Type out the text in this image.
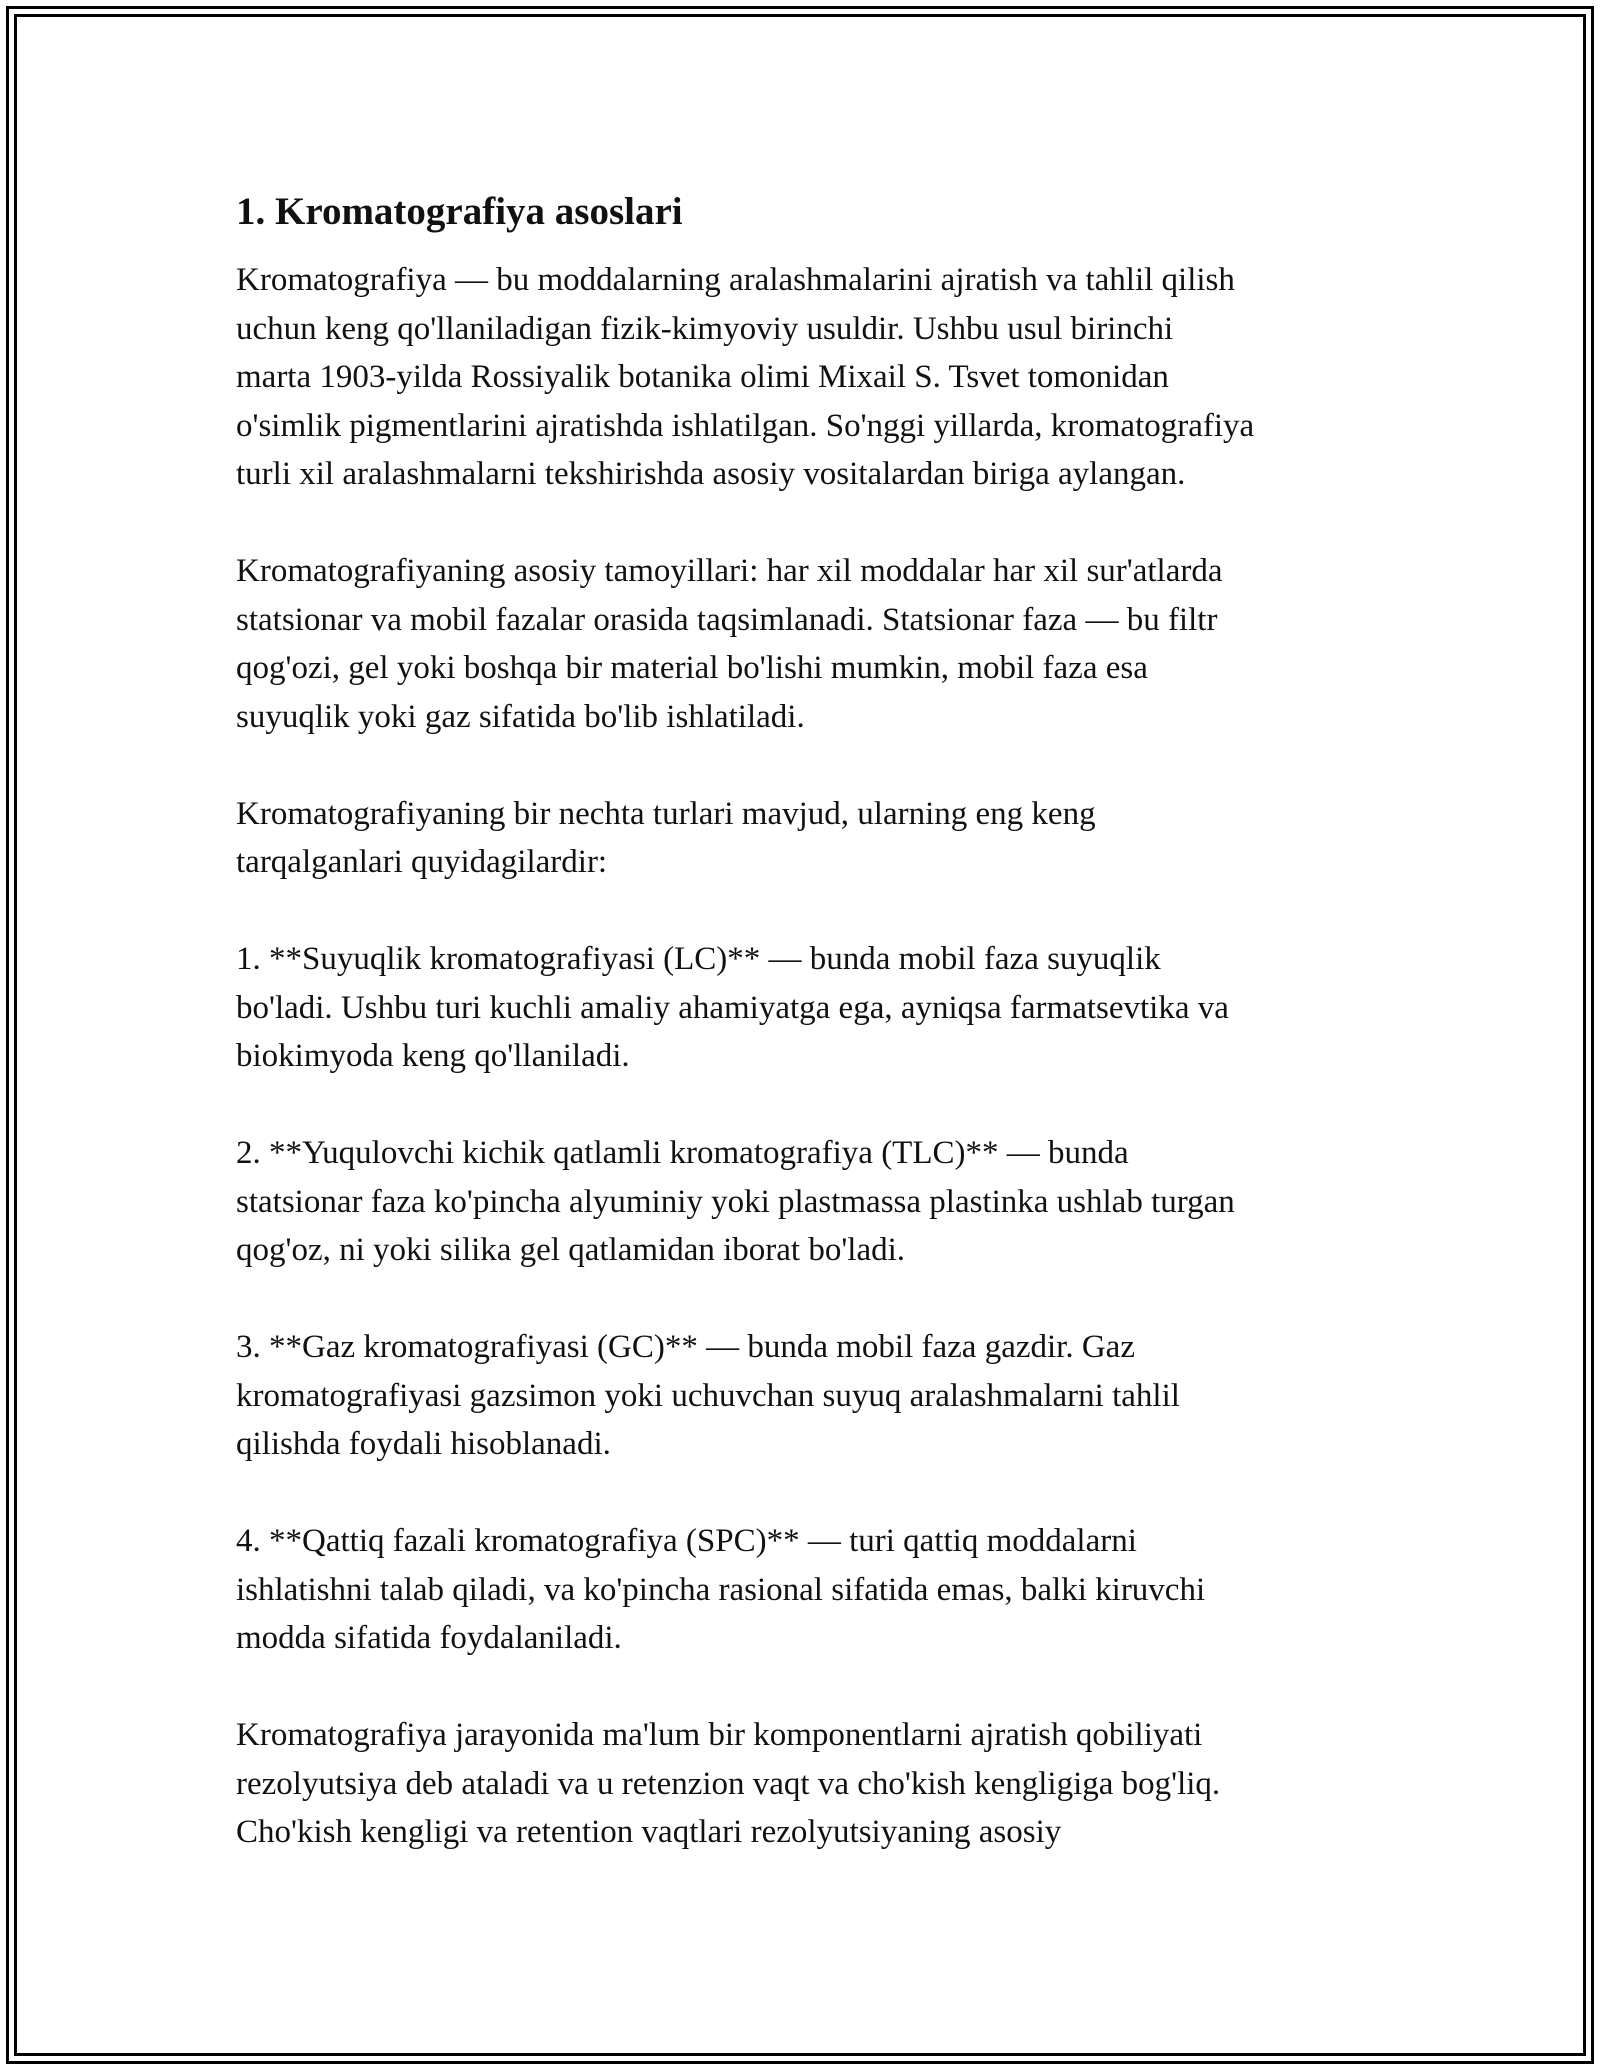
1. Kromatografiya asoslari

Kromatografiya — bu moddalarning aralashmalarini ajratish va tahlil qilish
uchun keng qo'llaniladigan fizik-kimyoviy usuldir. Ushbu usul birinchi
marta 1903-yilda Rossiyalik botanika olimi Mixail S. Tsvet tomonidan
o'simlik pigmentlarini ajratishda ishlatilgan. So'nggi yillarda, kromatografiya
turli xil aralashmalarni tekshirishda asosiy vositalardan biriga aylangan.

Kromatografiyaning asosiy tamoyillari: har xil moddalar har xil sur'atlarda
statsionar va mobil fazalar orasida taqsimlanadi. Statsionar faza — bu filtr
qog'ozi, gel yoki boshqa bir material bo'lishi mumkin, mobil faza esa
suyuqlik yoki gaz sifatida bo'lib ishlatiladi.

Kromatografiyaning bir nechta turlari mavjud, ularning eng keng
tarqalganlari quyidagilardir:

1. **Suyuqlik kromatografiyasi (LC)** — bunda mobil faza suyuqlik
bo'ladi. Ushbu turi kuchli amaliy ahamiyatga ega, ayniqsa farmatsevtika va
biokimyoda keng qo'llaniladi.

2. **Yuqulovchi kichik qatlamli kromatografiya (TLC)** — bunda
statsionar faza ko'pincha alyuminiy yoki plastmassa plastinka ushlab turgan
qog'oz, ni yoki silika gel qatlamidan iborat bo'ladi.

3. **Gaz kromatografiyasi (GC)** — bunda mobil faza gazdir. Gaz
kromatografiyasi gazsimon yoki uchuvchan suyuq aralashmalarni tahlil
qilishda foydali hisoblanadi.

4. **Qattiq fazali kromatografiya (SPC)** — turi qattiq moddalarni
ishlatishni talab qiladi, va ko'pincha rasional sifatida emas, balki kiruvchi
modda sifatida foydalaniladi.

Kromatografiya jarayonida ma'lum bir komponentlarni ajratish qobiliyati
rezolyutsiya deb ataladi va u retenzion vaqt va cho'kish kengligiga bog'liq.
Cho'kish kengligi va retention vaqtlari rezolyutsiyaning asosiy
